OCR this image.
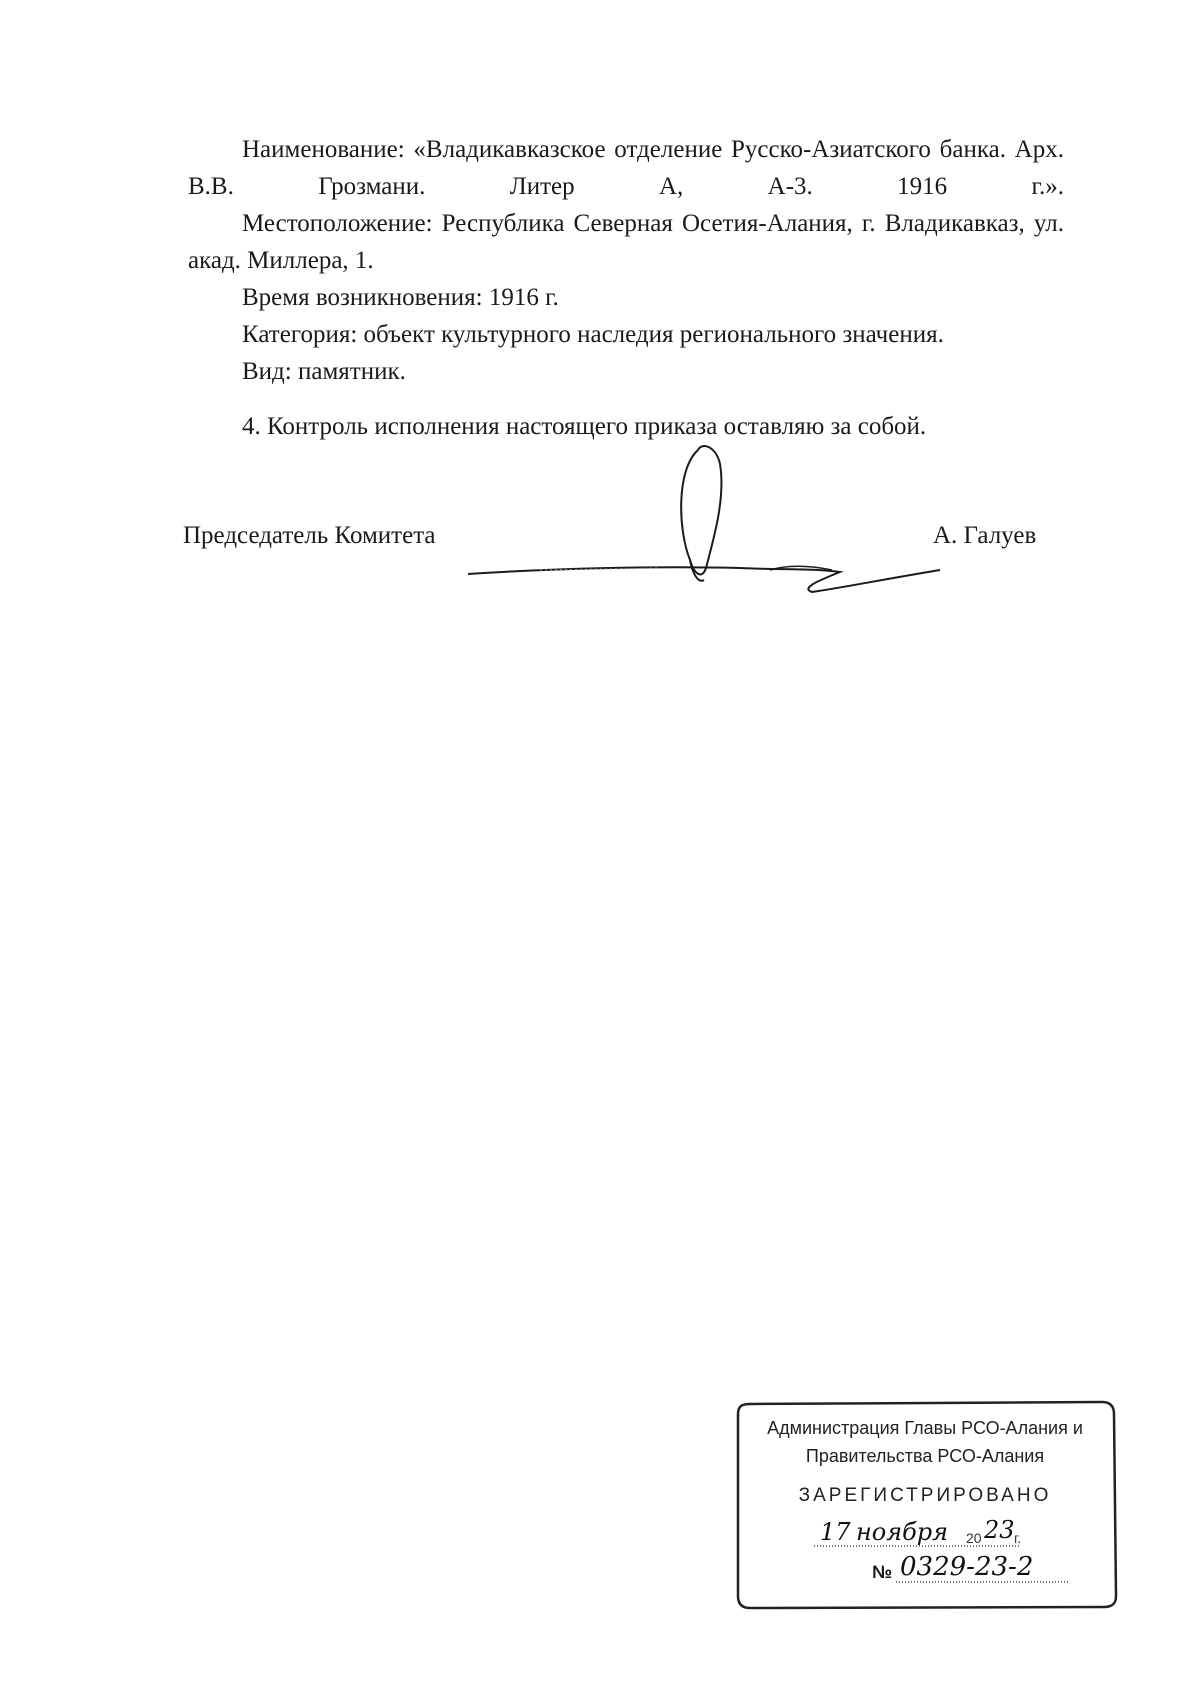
Наименование: «Владикавказское отделение Русско-Азиатского банка. Арх. В.В. Грозмани. Литер А, А-3. 1916 г.».

Местоположение: Республика Северная Осетия-Алания, г. Владикавказ, ул. акад. Миллера, 1.

Время возникновения: 1916 г.

Категория: объект культурного наследия регионального значения.

Вид: памятник.

4. Контроль исполнения настоящего приказа оставляю за собой.

Председатель Комитета	А. Галуев
Администрация Главы РСО-Алания и
Правительства РСО-Алания
ЗАРЕГИСТРИРОВАНО
17 ноября 20 23 г.
№ 0329-23-2
